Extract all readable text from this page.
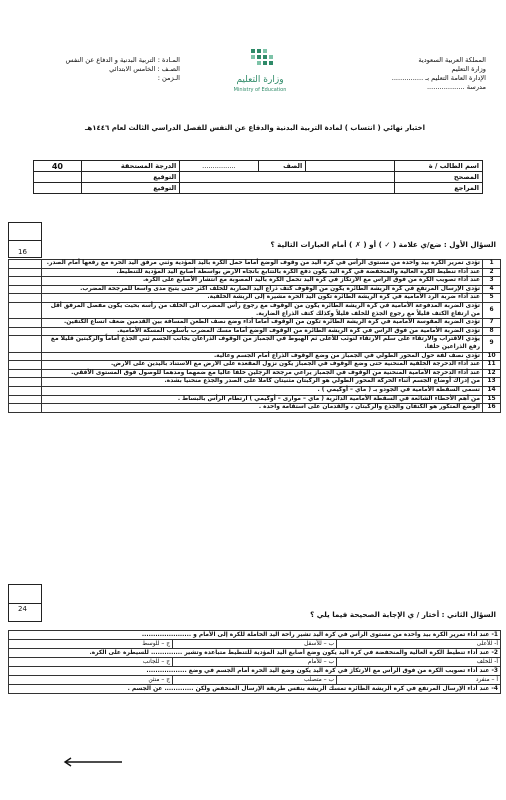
المملكة العربية السعودية
وزارة التعليم
الإدارة العامة التعليم بـ ...............
مدرسة ..................
وزارة التعليم
Ministry of Education
المـادة : التربية البدنية و الدفاع عن النفس
الصـف : الخامس الابتدائي
الـزمن :
اختبار نهائي ( انتساب ) لمادة التربية البدنية والدفاع عن النفس للفصل الدراسي الثالث لعام ١٤٤٦هـ
اسم الطالب / ة		الصف	................	الدرجة المستحقة	40
المصحح				التوقيع	
المراجع				التوقيع	
16
السؤال الأول : ضع/ي علامة ( ✓ ) أو ( ✗ ) أمام العبارات التالية ؟
1	تؤدى تمرير الكرة بيد واحدة من مستوى الرأس في كرة اليد من وقوف الوضع أماما حمل الكرة باليد المؤدية وثني مرفق اليد الحرة مع رفعها أمام الصدر.	
2	عند أداء تنطيط الكرة العالية والمنخفضة في كرة اليد يكون دفع الكرة بالتتابع باتجاه الارض بواسطة أصابع اليد المؤدية للتنطيط.	
3	عند أداء تصويب الكرة من فوق الراس مع الارتكاز في كرة اليد تحمل الكرة باليد المصوبة مع انتشار الأصابع على الكرة.	
4	تؤدى الإرسال المرتفع في كرة الريشة الطائرة يكون من الوقوف كتف ذراع اليد الضاربة للخلف اكثر حتى يتيح مدى واسعا للمرجحة المضرب.	
5	عند أداء ضربة الرد الأمامية في كرة الريشة الطائرة تكون اليد الحرة مشيرة إلى الريشة الخلفية.	
6	تؤدى الضربة المدفوعة الأمامية في كرة الريشة الطائرة يكون من الوقوف مع رجوع رأس المضرب الى الخلف من رأسه بحيث يكون مفصل المرفق أقل من ارتفاع الكتف قليلاً مع رجوع الجذع للخلف قليلاً وكذلك كتف الذراع الضاربة.	
7	تؤدى الضربة المقوسة الأمامية في كرة الريشة الطائرة تكون من الوقوف أماما أداء وضع نصف الطعن المسافة بين القدمين ضعف اتساع الكتفين.	
8	تؤدى الضربة الأمامية من فوق الراس في كرة الريشة الطائرة من الوقوف الوضع أماما مسك المضرب بأسلوب المسكة الأمامية.	
9	يؤدي الاقتراب والارتقاء على سلم الارتقاء لنوثب للأعلى ثم الهبوط في الجمباز من الوقوف الذراعان بجانب الجسم ثني الجذع أماماً والركبتين قليلا مع رفع الذراعين خلفا.	
10	تؤدى نصف لفة حول المحور الطولي في الجمباز من وضع الوقوف الذراع أمام الجسم وعالية.	
11	عند أداء الدحرجة الخلفية المنحنية حتى وضع الوقوف في الجمباز يكون نزول المقعدة على الارض مع الاستناد باليدين على الارض.	
12	عند أداء الدحرجة الأمامية المنحنية من الوقوف في الجمباز يراعي مرجحة الرجلين خلفا عاليا مع ضمهما ومدهما للوصول فوق المستوى الأفقي.	
13	من إدراك أوضاع الجسم أثناء الحركة المحور الطولي هو الركبتان مثنيتان كاملا على الصدر والجذع منحنيا بشدة.	
14	تسمى السقطة الأمامية في الجودو بـ ( ماي – أوكيمي ) .	
15	من أهم الأخطاء الشائعة في السقطة الأمامية الدائرية ( ماي – موارى – أوكيمي ) ارتطام الرأس بالبساط .	
16	الوضع المتكور هو الكتفان والجذع والركبتان ، والقدمان على استقامة واحدة .	
24
السؤال الثاني : أختار / ي الإجابة الصحيحة فيما يلي ؟
1- عند أداء تمرير الكرة بيد واحدة من مستوى الرأس في كرة اليد تشير راحة اليد الحاملة للكرة إلى الأمام و ......................		
أ- للأعلى	ب – للأسفل	ج – للوسط
2- عند أداء تنطيط الكرة العالية والمنخفضة في كرة اليد يكون وضع أصابع اليد المؤدية للتنطيط متباعدة وتشير .............. للسيطرة على الكرة.		
أ- للخلف	ب – للأمام	ج – للجانب
3- عند أداء تصويب الكرة من فوق الرأس مع الارتكاز في كرة اليد يكون وضع اليد الحرة أمام الجسم في وضع ..................		
أ – منفرد	ب – متصلب	ج – منثن
4- عند أداء الإرسال المرتفع في كرة الريشة الطائرة تمسك الريشة بنفس طريقة الإرسال المنخفض ولكن ............. عن الجسم .		
